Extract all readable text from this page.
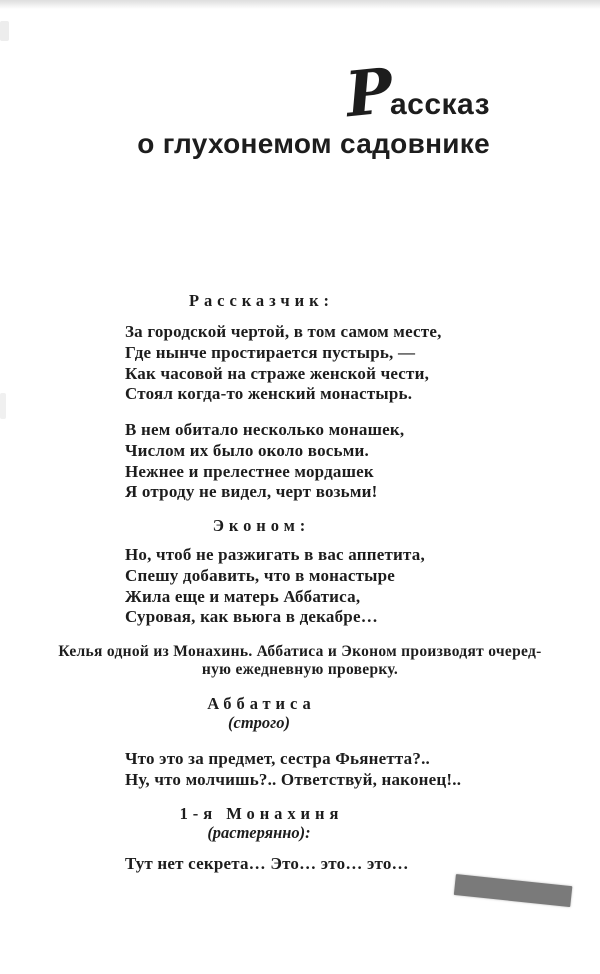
Р
ассказ
о глухонемом садовнике
Рассказчик:
За городской чертой, в том самом месте,
Где нынче простирается пустырь, —
Как часовой на страже женской чести,
Стоял когда-то женский монастырь.
В нем обитало несколько монашек,
Числом их было около восьми.
Нежнее и прелестнее мордашек
Я отроду не видел, черт возьми!
Эконом:
Но, чтоб не разжигать в вас аппетита,
Спешу добавить, что в монастыре
Жила еще и матерь Аббатиса,
Суровая, как вьюга в декабре…
Келья одной из Монахинь. Аббатиса и Эконом производят очеред-
ную ежедневную проверку.
Аббатиса
(строго)
Что это за предмет, сестра Фьянетта?..
Ну, что молчишь?.. Ответствуй, наконец!..
1-я Монахиня
(растерянно):
Тут нет секрета… Это… это… это…
